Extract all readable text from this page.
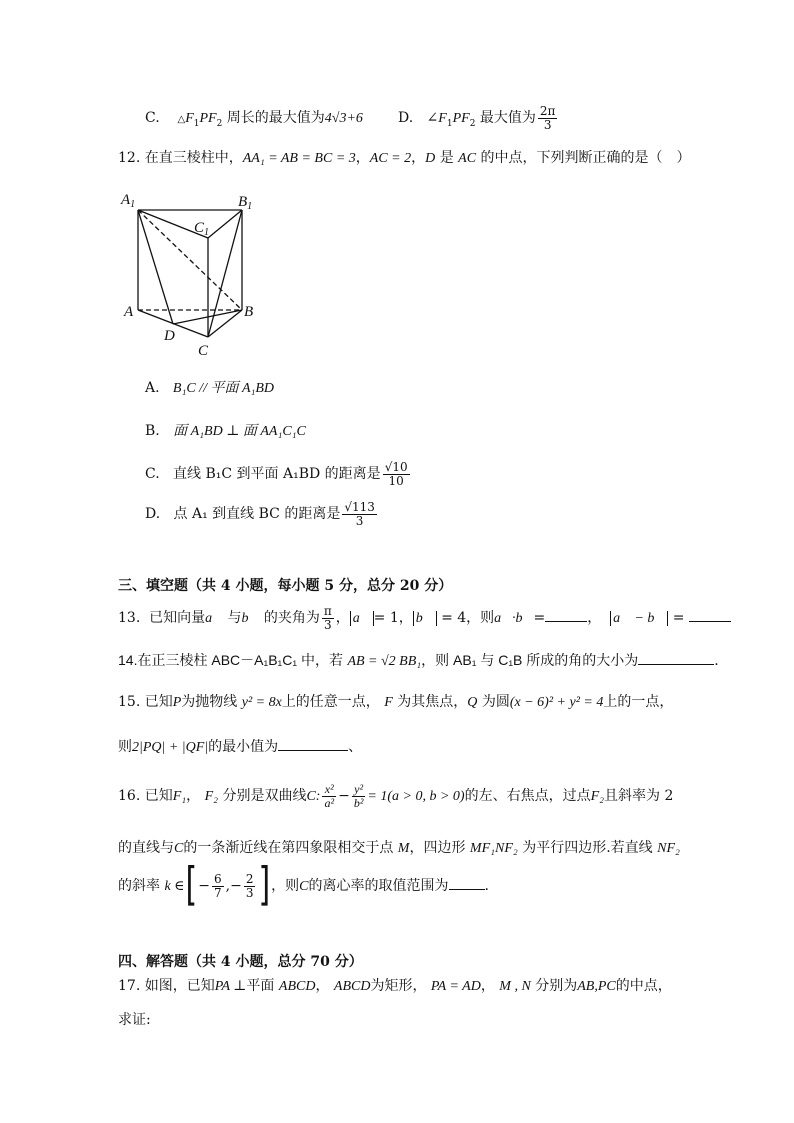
C. $\triangle F_1PF_2$ 周长的最大值为4√3+6	D. $\angle F_1PF_2$ 最大值为 $\frac{2\pi}{3}$
12. 在直三棱柱中，AA₁ = AB = BC = 3，AC = 2，D 是 AC 的中点，下列判断正确的是（　）
$A_1$	$B_1$
$C_1$
A	B
D
C
A. B₁C // 平面 A₁BD
B. 面 A₁BD ⊥ 面 AA₁C₁C
C. 直线 B₁C 到平面 A₁BD 的距离是 $\frac{√10}{10}$
D. 点 A₁ 到直线 BC 的距离是 $\frac{√113}{3}$
三、填空题（共 4 小题，每小题 5 分，总分 20 分）
13. 已知向量a⃗ 与b⃗ 的夹角为 $\frac{\pi}{3}$ ， a⃗ = 1， b⃗ = 4，则a⃗·b⃗=	， a⃗ − b⃗ =
14.在正三棱柱 ABC－A₁B₁C₁ 中，若 AB = √2 BB₁，则 AB₁ 与 C₁B 所成的角的大小为	.
15. 已知P为抛物线 y² = 8x上的任意一点， F 为其焦点，Q 为圆(x − 6)² + y² = 4上的一点，
则2|PQ| + |QF|的最小值为	、
16. 已知F₁， F₂ 分别是双曲线C: $\frac{\text{x²}}{\text{a²}} - \frac{\text{y²}}{\text{b²}} = 1(a > 0$, b > 0)的左、右焦点，过点F₂且斜率为 2
的直线与C的一条渐近线在第四象限相交于点 M，四边形 MF₁NF₂ 为平行四边形.若直线 NF₂
的斜率 k ∈[− $\frac{6}{7}$ ,− $\frac{2}{3}$ ]，则C的离心率的取值范围为	.
四、解答题（共 4 小题，总分 70 分）
17. 如图，已知PA ⊥平面 ABCD， ABCD为矩形， PA = AD， M , N 分别为AB,PC的中点，
求证:
